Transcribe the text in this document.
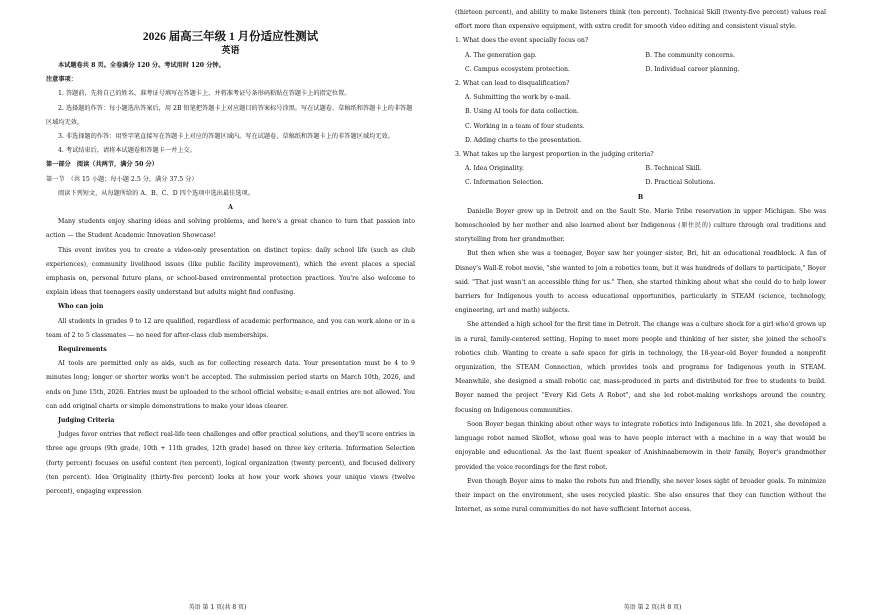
2026 届高三年级 1 月份适应性测试

英语

本试题卷共 8 页。全卷满分 120 分。考试用时 120 分钟。

注意事项：

1. 答题前，先将自己的姓名、准考证号填写在答题卡上，并将准考证号条形码粘贴在答题卡上的指定位置。

2. 选择题的作答：每小题选出答案后，用 2B 铅笔把答题卡上对应题目的答案标号涂黑。写在试题卷、草稿纸和答题卡上的非答题区域均无效。

3. 非选择题的作答：用签字笔直接写在答题卡上对应的答题区域内。写在试题卷、草稿纸和答题卡上的非答题区域均无效。

4. 考试结束后，请将本试题卷和答题卡一并上交。

第一部分　阅读（共两节，满分 50 分）

第一节　（共 15 小题；每小题 2.5 分，满分 37.5 分）

阅读下列短文，从每题所给的 A、B、C、D 四个选项中选出最佳选项。

A

Many students enjoy sharing ideas and solving problems, and here's a great chance to turn that passion into action — the Student Academic Innovation Showcase!

This event invites you to create a video-only presentation on distinct topics: daily school life (such as club experiences), community livelihood issues (like public facility improvement), which the event places a special emphasis on, personal future plans, or school-based environmental protection practices. You're also welcome to explain ideas that teenagers easily understand but adults might find confusing.

Who can join

All students in grades 9 to 12 are qualified, regardless of academic performance, and you can work alone or in a team of 2 to 5 classmates — no need for after-class club memberships.

Requirements

AI tools are permitted only as aids, such as for collecting research data. Your presentation must be 4 to 9 minutes long; longer or shorter works won't be accepted. The submission period starts on March 10th, 2026, and ends on June 15th, 2026. Entries must be uploaded to the school official website; e-mail entries are not allowed. You can add original charts or simple demonstrations to make your ideas clearer.

Judging Criteria

Judges favor entries that reflect real-life teen challenges and offer practical solutions, and they'll score entries in three age groups (9th grade, 10th + 11th grades, 12th grade) based on three key criteria. Information Selection (forty percent) focuses on useful content (ten percent), logical organization (twenty percent), and focused delivery (ten percent). Idea Originality (thirty-five percent) looks at how your work shows your unique views (twelve percent), engaging expression

英语 第 1 页(共 8 页)

(thirteen percent), and ability to make listeners think (ten percent). Technical Skill (twenty-five percent) values real effort more than expensive equipment, with extra credit for smooth video editing and consistent visual style.

1. What does the event specially focus on?

A. The generation gap.	B. The community concerns.
C. Campus ecosystem protection.	D. Individual career planning.

2. What can lead to disqualification?

A. Submitting the work by e-mail.

B. Using AI tools for data collection.

C. Working in a team of four students.

D. Adding charts to the presentation.

3. What takes up the largest proportion in the judging criteria?

A. Idea Originality.	B. Technical Skill.
C. Information Selection.	D. Practical Solutions.

B

Danielle Boyer grew up in Detroit and on the Sault Ste. Marie Tribe reservation in upper Michigan. She was homeschooled by her mother and also learned about her Indigenous (原住民的) culture through oral traditions and storytelling from her grandmother.

But then when she was a teenager, Boyer saw her younger sister, Bri, hit an educational roadblock. A fan of Disney's Wall-E robot movie, "she wanted to join a robotics team, but it was hundreds of dollars to participate," Boyer said. "That just wasn't an accessible thing for us." Then, she started thinking about what she could do to help lower barriers for Indigenous youth to access educational opportunities, particularly in STEAM (science, technology, engineering, art and math) subjects.

She attended a high school for the first time in Detroit. The change was a culture shock for a girl who'd grown up in a rural, family-centered setting. Hoping to meet more people and thinking of her sister, she joined the school's robotics club. Wanting to create a safe space for girls in technology, the 18-year-old Boyer founded a nonprofit organization, the STEAM Connection, which provides tools and programs for Indigenous youth in STEAM. Meanwhile, she designed a small robotic car, mass-produced in parts and distributed for free to students to build. Boyer named the project "Every Kid Gets A Robot", and she led robot-making workshops around the country, focusing on Indigenous communities.

Soon Boyer began thinking about other ways to integrate robotics into Indigenous life. In 2021, she developed a language robot named SkoBot, whose goal was to have people interact with a machine in a way that would be enjoyable and educational. As the last fluent speaker of Anishinaabemowin in their family, Boyer's grandmother provided the voice recordings for the first robot.

Even though Boyer aims to make the robots fun and friendly, she never loses sight of broader goals. To minimize their impact on the environment, she uses recycled plastic. She also ensures that they can function without the Internet, as some rural communities do not have sufficient Internet access.

英语 第 2 页(共 8 页)
